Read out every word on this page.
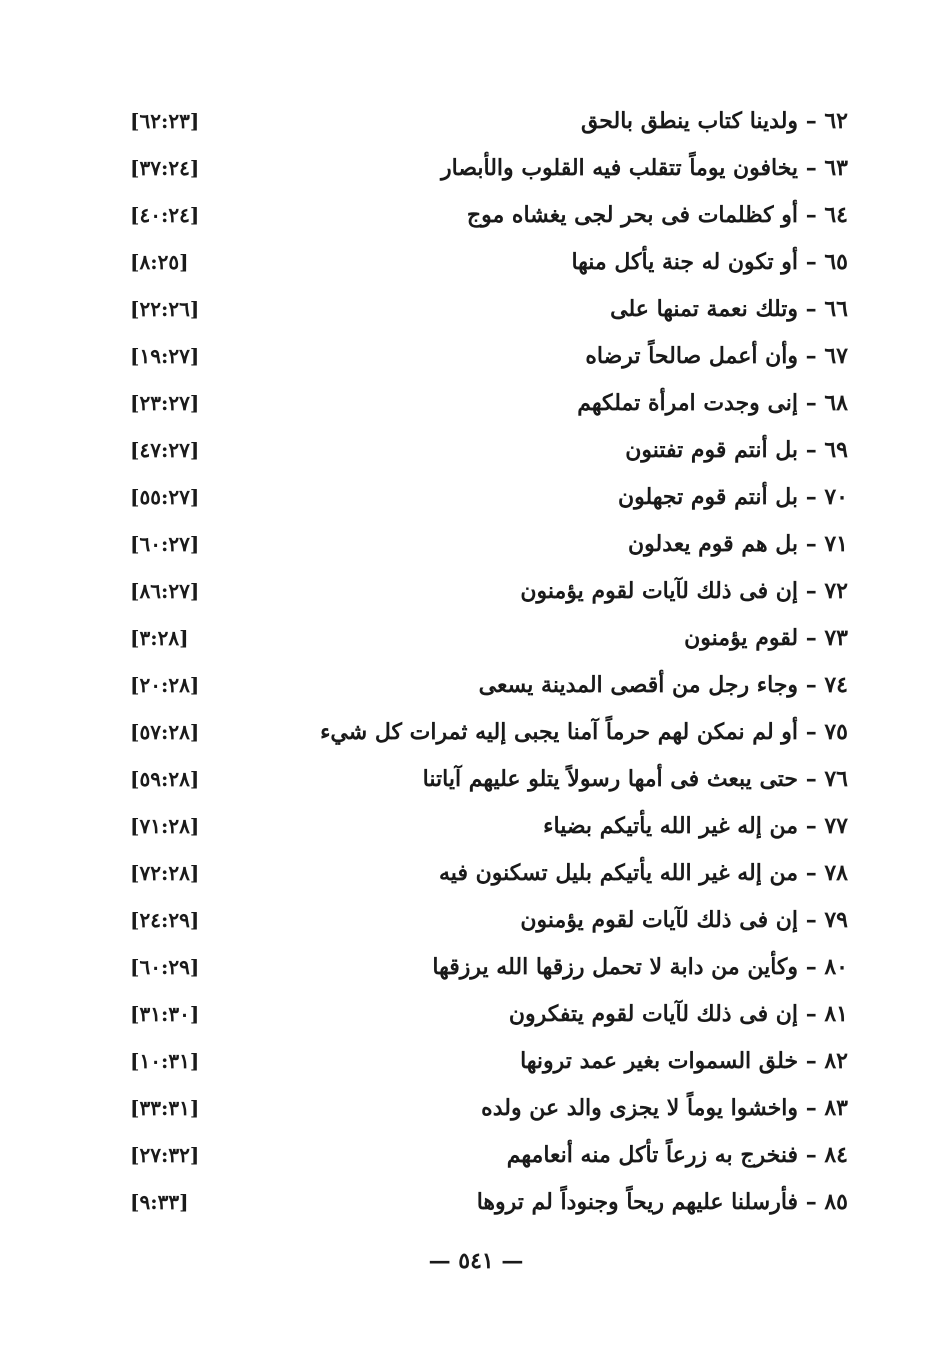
٦٢ – ولدينا كتاب ينطق بالحق
[٦٢:٢٣]
٦٣ – يخافون يوماً تتقلب فيه القلوب والأبصار
[٣٧:٢٤]
٦٤ – أو كظلمات فى بحر لجى يغشاه موج
[٤٠:٢٤]
٦٥ – أو تكون له جنة يأكل منها
[٨:٢٥]
٦٦ – وتلك نعمة تمنها على
[٢٢:٢٦]
٦٧ – وأن أعمل صالحاً ترضاه
[١٩:٢٧]
٦٨ – إنى وجدت امرأة تملكهم
[٢٣:٢٧]
٦٩ – بل أنتم قوم تفتنون
[٤٧:٢٧]
٧٠ – بل أنتم قوم تجهلون
[٥٥:٢٧]
٧١ – بل هم قوم يعدلون
[٦٠:٢٧]
٧٢ – إن فى ذلك لآيات لقوم يؤمنون
[٨٦:٢٧]
٧٣ – لقوم يؤمنون
[٣:٢٨]
٧٤ – وجاء رجل من أقصى المدينة يسعى
[٢٠:٢٨]
٧٥ – أو لم نمكن لهم حرماً آمنا يجبى إليه ثمرات كل شيء
[٥٧:٢٨]
٧٦ – حتى يبعث فى أمها رسولاً يتلو عليهم آياتنا
[٥٩:٢٨]
٧٧ – من إله غير الله يأتيكم بضياء
[٧١:٢٨]
٧٨ – من إله غير الله يأتيكم بليل تسكنون فيه
[٧٢:٢٨]
٧٩ – إن فى ذلك لآيات لقوم يؤمنون
[٢٤:٢٩]
٨٠ – وكأين من دابة لا تحمل رزقها الله يرزقها
[٦٠:٢٩]
٨١ – إن فى ذلك لآيات لقوم يتفكرون
[٣١:٣٠]
٨٢ – خلق السموات بغير عمد ترونها
[١٠:٣١]
٨٣ – واخشوا يوماً لا يجزى والد عن ولده
[٣٣:٣١]
٨٤ – فنخرج به زرعاً تأكل منه أنعامهم
[٢٧:٣٢]
٨٥ – فأرسلنا عليهم ريحاً وجنوداً لم تروها
[٩:٣٣]
— ٥٤١ —
